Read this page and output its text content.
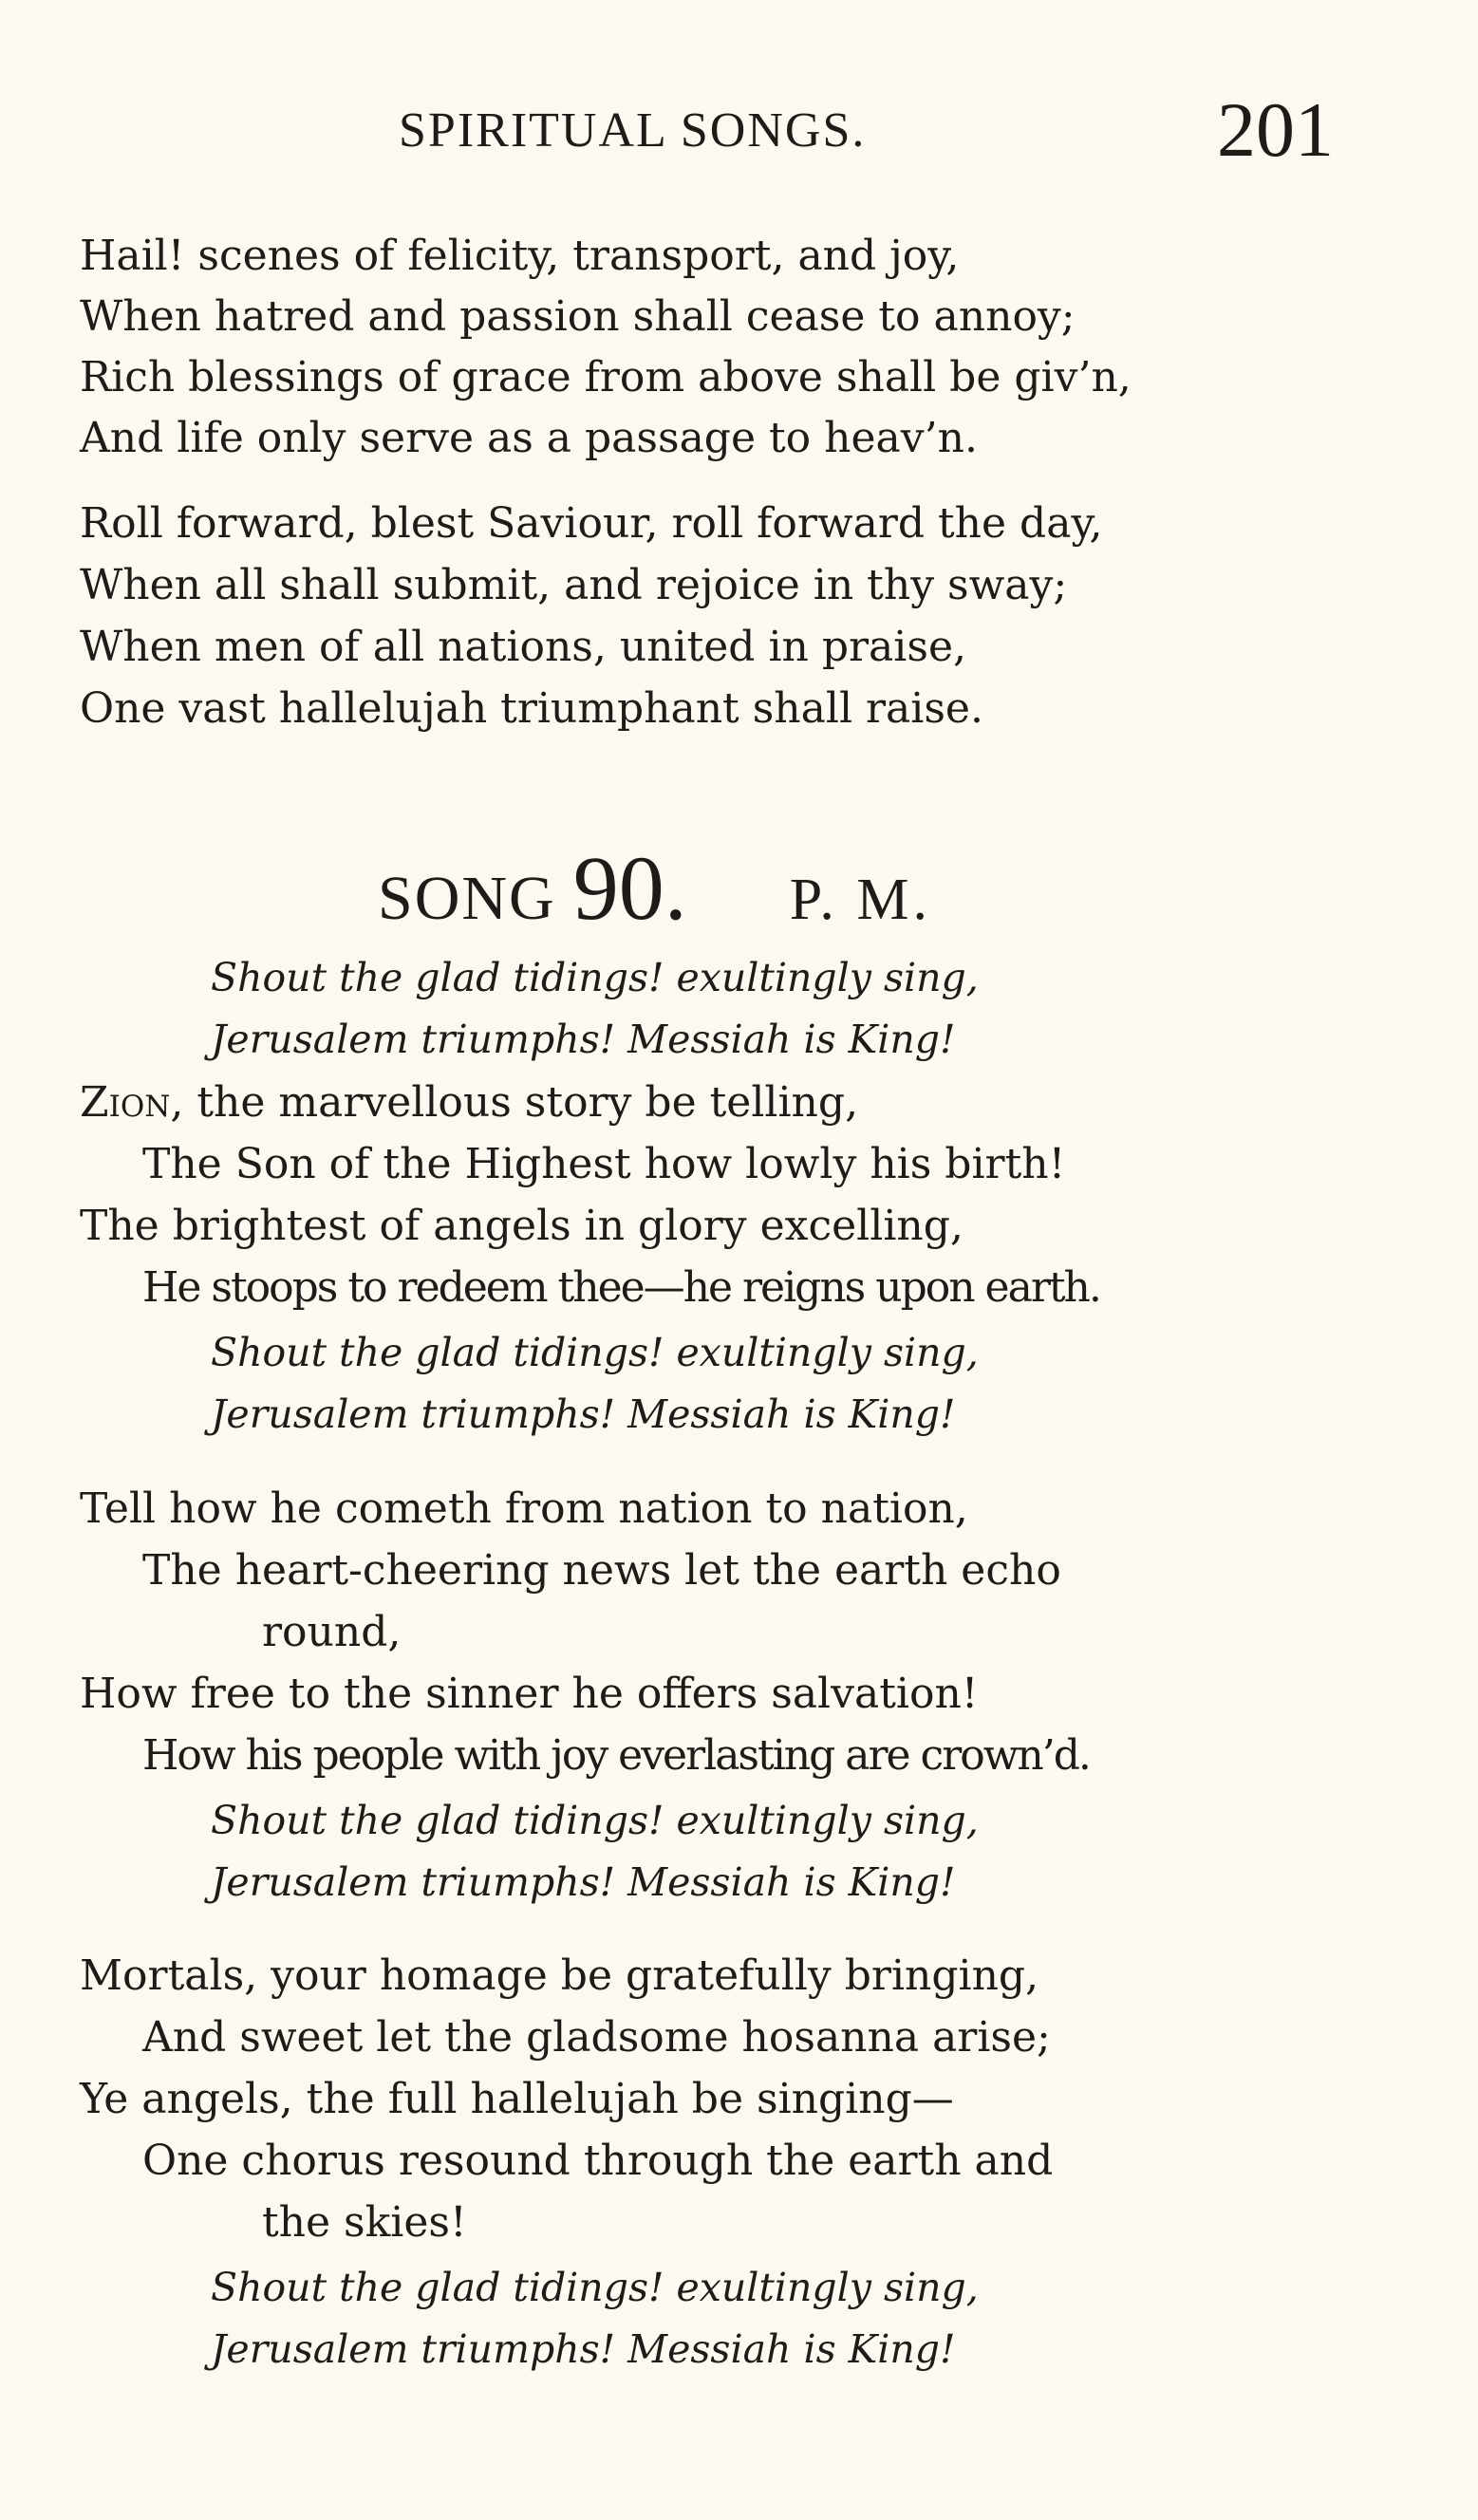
SPIRITUAL SONGS.	201
Hail! scenes of felicity, transport, and joy,
When hatred and passion shall cease to annoy;
Rich blessings of grace from above shall be giv’n,
And life only serve as a passage to heav’n.
Roll forward, blest Saviour, roll forward the day,
When all shall submit, and rejoice in thy sway;
When men of all nations, united in praise,
One vast hallelujah triumphant shall raise.
SONG 90. P. M.
Shout the glad tidings! exultingly sing,
Jerusalem triumphs! Messiah is King!
Zion, the marvellous story be telling,
The Son of the Highest how lowly his birth!
The brightest of angels in glory excelling,
He stoops to redeem thee—he reigns upon earth.
Shout the glad tidings! exultingly sing,
Jerusalem triumphs! Messiah is King!
Tell how he cometh from nation to nation,
The heart-cheering news let the earth echo
round,
How free to the sinner he offers salvation!
How his people with joy everlasting are crown’d.
Shout the glad tidings! exultingly sing,
Jerusalem triumphs! Messiah is King!
Mortals, your homage be gratefully bringing,
And sweet let the gladsome hosanna arise;
Ye angels, the full hallelujah be singing—
One chorus resound through the earth and
the skies!
Shout the glad tidings! exultingly sing,
Jerusalem triumphs! Messiah is King!
